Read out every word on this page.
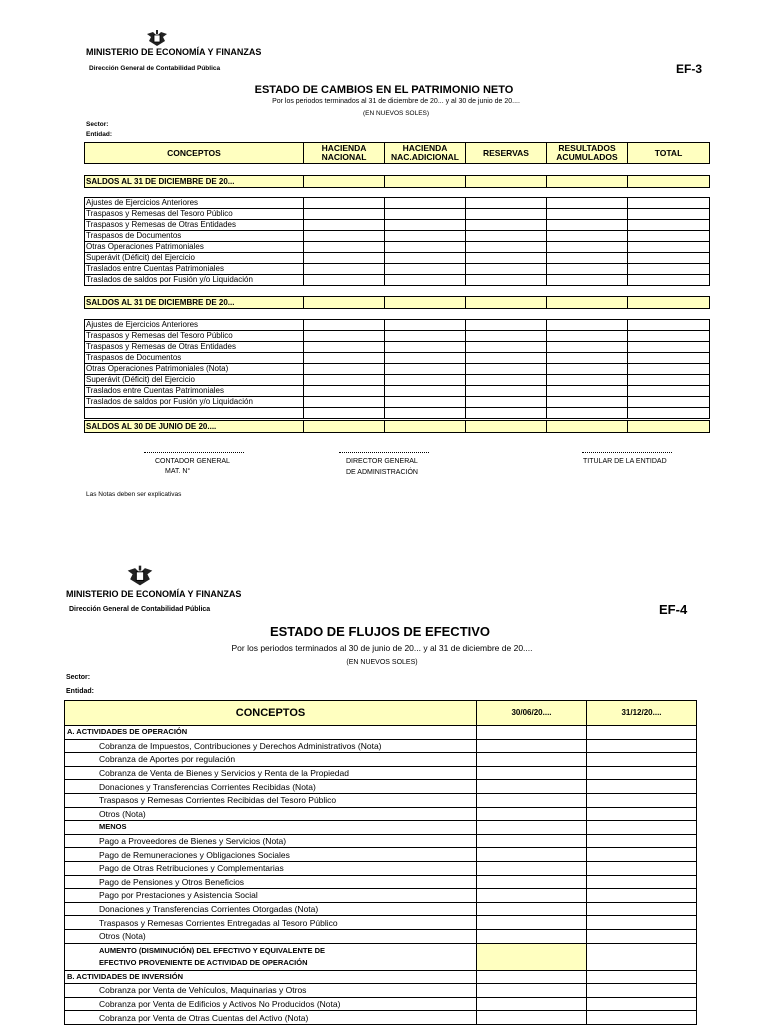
MINISTERIO DE ECONOMÍA Y FINANZAS
Dirección General de Contabilidad Pública	EF-3
ESTADO DE CAMBIOS EN EL PATRIMONIO NETO
Por los periodos terminados al 31 de diciembre de 20... y al 30 de junio de 20....
(EN NUEVOS SOLES)
Sector:
Entidad:
CONCEPTOS	HACIENDA NACIONAL	HACIENDA NAC.ADICIONAL	RESERVAS	RESULTADOS ACUMULADOS	TOTAL
SALDOS AL 31 DE DICIEMBRE DE 20...					
Ajustes de Ejercicios Anteriores					
Traspasos y Remesas del Tesoro Público					
Traspasos y Remesas de Otras Entidades					
Traspasos de Documentos					
Otras Operaciones Patrimoniales					
Superávit (Déficit) del Ejercicio					
Traslados entre Cuentas Patrimoniales					
Traslados de saldos por Fusión y/o Liquidación					
SALDOS AL 31 DE DICIEMBRE DE 20...					
Ajustes de Ejercicios Anteriores					
Traspasos y Remesas del Tesoro Público					
Traspasos y Remesas de Otras Entidades					
Traspasos de Documentos					
Otras Operaciones Patrimoniales (Nota)					
Superávit (Déficit) del Ejercicio					
Traslados entre Cuentas Patrimoniales					
Traslados de saldos por Fusión y/o Liquidación					

SALDOS AL 30 DE JUNIO DE 20....					
CONTADOR GENERAL
MAT. N°
DIRECTOR GENERAL
DE ADMINISTRACIÓN
TITULAR DE LA ENTIDAD
Las Notas deben ser explicativas
MINISTERIO DE ECONOMÍA Y FINANZAS
Dirección General de Contabilidad Pública	EF-4
ESTADO DE FLUJOS DE EFECTIVO
Por los periodos terminados al 30 de junio de 20... y al 31 de diciembre de 20....
(EN NUEVOS SOLES)
Sector:
Entidad:
CONCEPTOS	30/06/20....	31/12/20....
A. ACTIVIDADES DE OPERACIÓN		
Cobranza de Impuestos, Contribuciones y Derechos Administrativos (Nota)		
Cobranza de Aportes por regulación		
Cobranza de Venta de Bienes y Servicios y Renta de la Propiedad		
Donaciones y Transferencias Corrientes Recibidas (Nota)		
Traspasos y Remesas Corrientes Recibidas del Tesoro Público		
Otros (Nota)		
MENOS		
Pago a Proveedores de Bienes y Servicios (Nota)		
Pago de Remuneraciones y Obligaciones Sociales		
Pago de Otras Retribuciones y Complementarias		
Pago de Pensiones y Otros Beneficios		
Pago por Prestaciones y Asistencia Social		
Donaciones y Transferencias Corrientes Otorgadas (Nota)		
Traspasos y Remesas Corrientes Entregadas al Tesoro Público		
Otros (Nota)		

AUMENTO (DISMINUCIÓN) DEL EFECTIVO Y EQUIVALENTE DE
EFECTIVO PROVENIENTE DE ACTIVIDAD DE OPERACIÓN		

B. ACTIVIDADES DE INVERSIÓN		
Cobranza por Venta de Vehículos, Maquinarias y Otros		
Cobranza por Venta de Edificios y Activos No Producidos (Nota)		
Cobranza por Venta de Otras Cuentas del Activo (Nota)		
